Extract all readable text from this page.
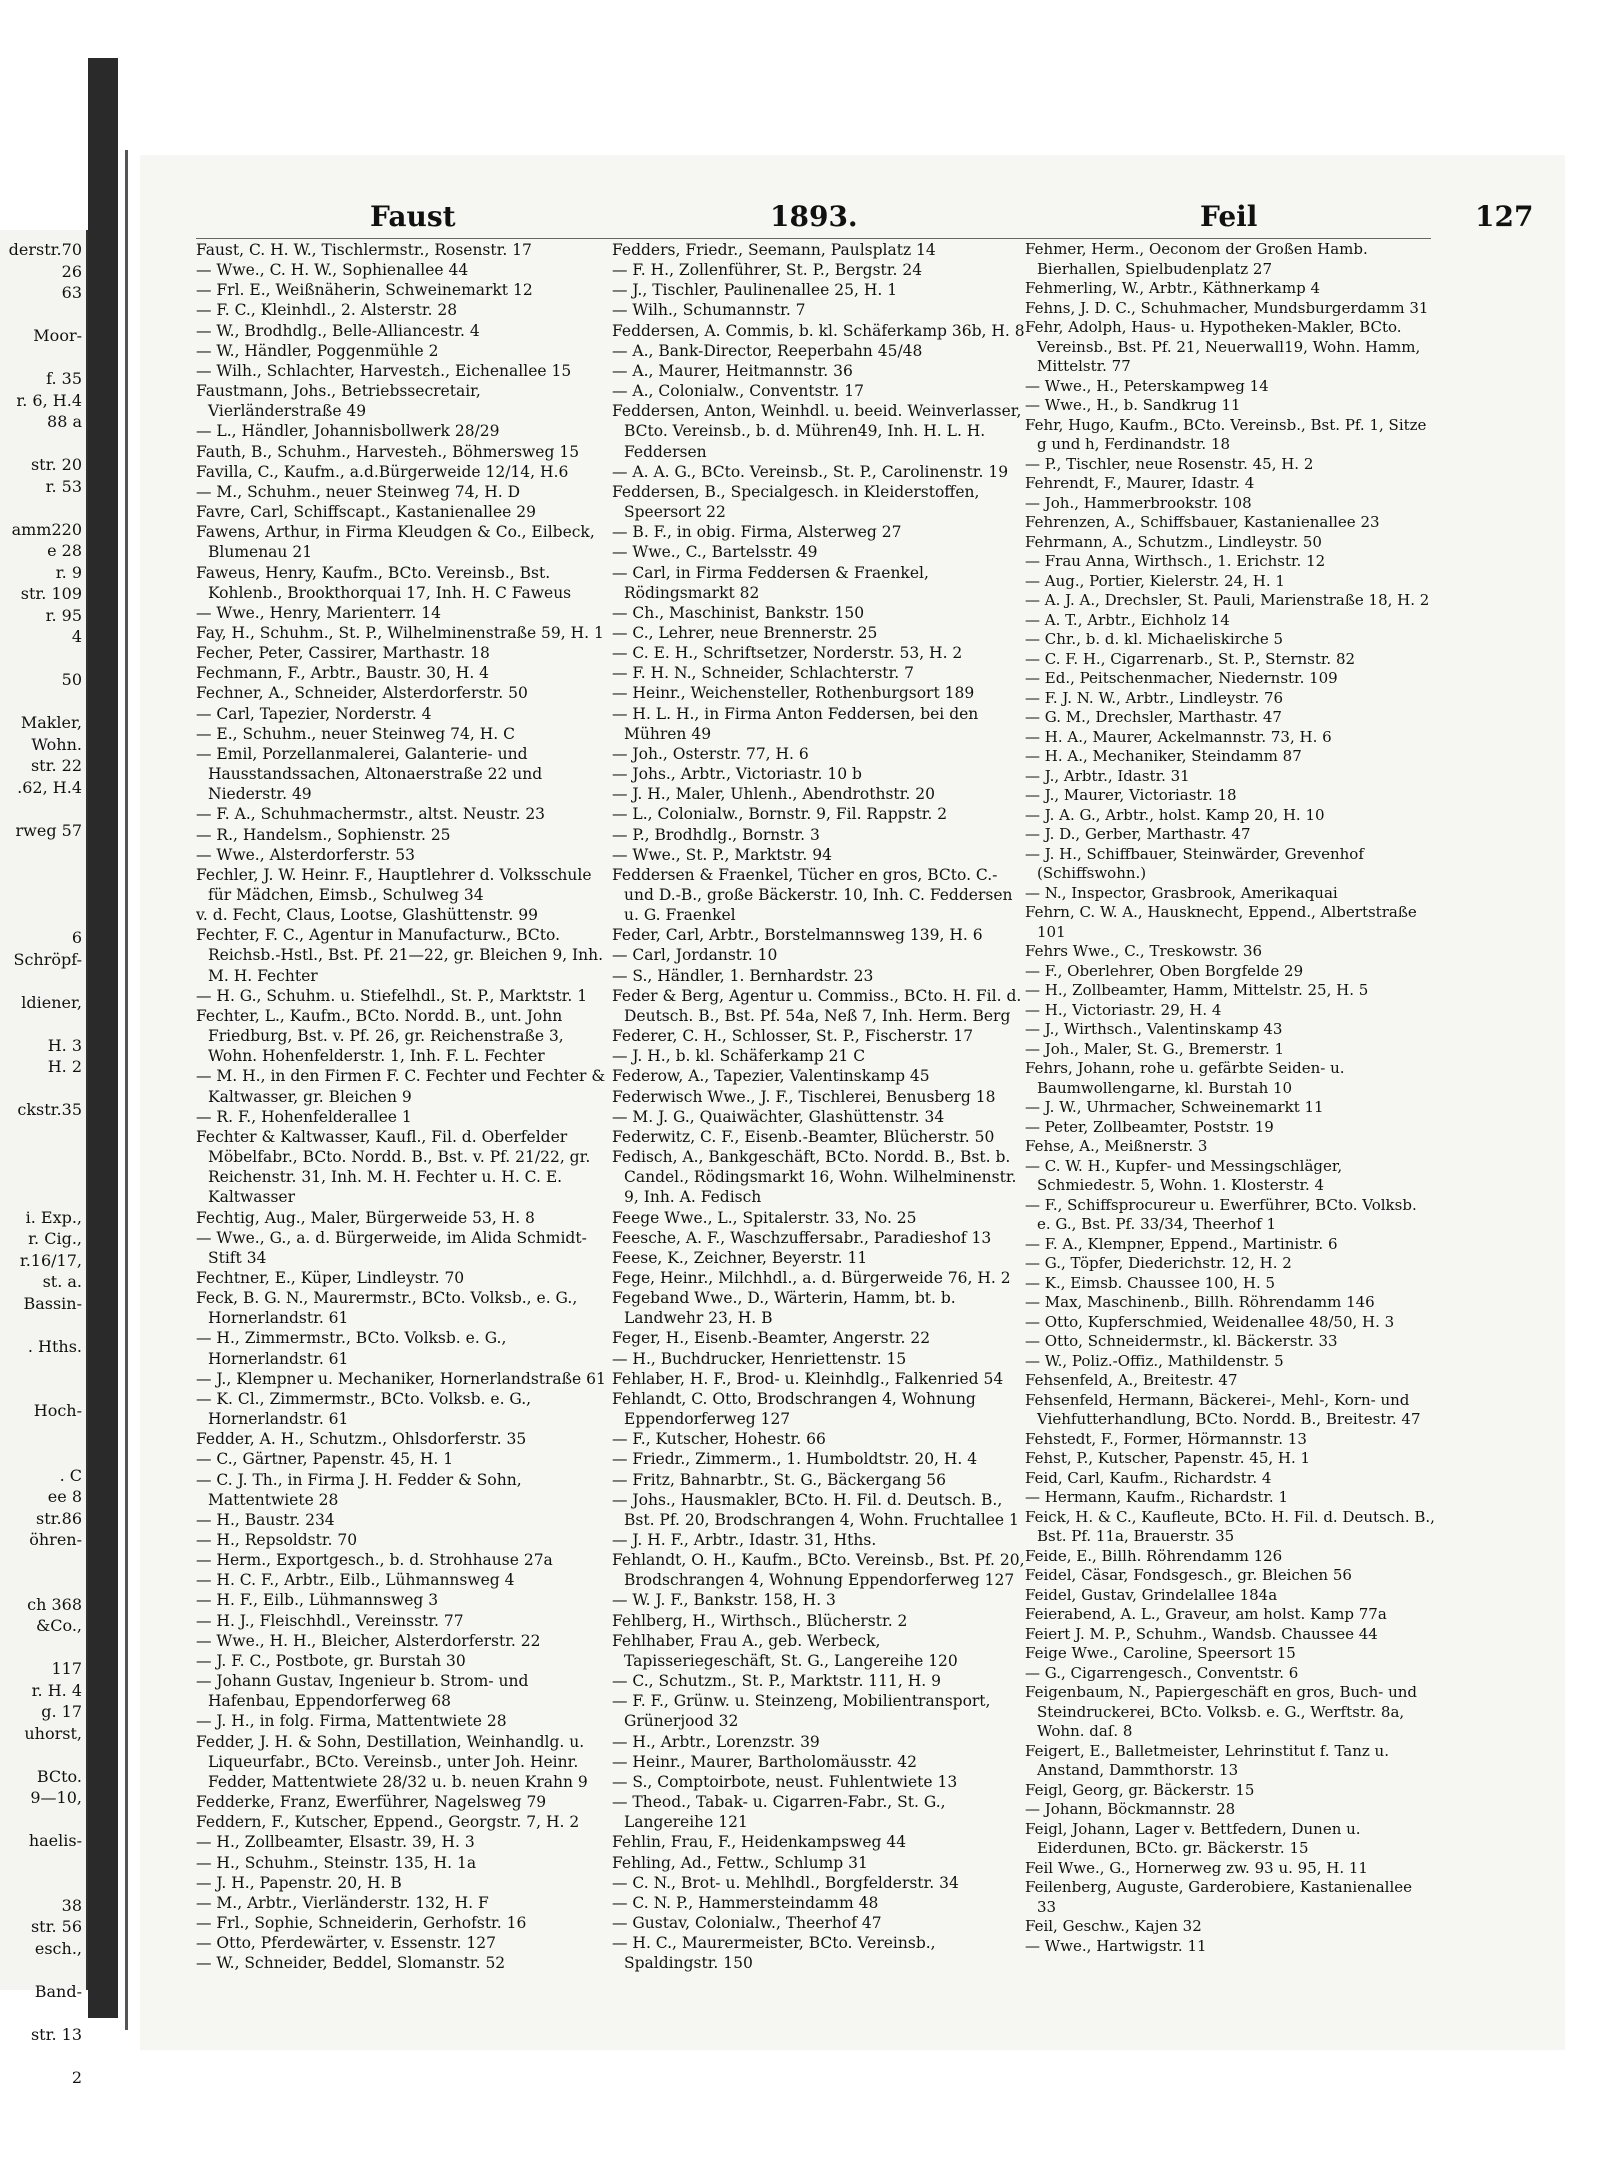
derstr.70
26
63
Moor-
f. 35
r. 6, H.4
88 a
str. 20
r. 53
amm220
e 28
r. 9
str. 109
r. 95
4
50
Makler,
Wohn.
str. 22
.62, H.4
rweg 57
6
Schröpf-
ldiener,
H. 3
H. 2
ckstr.35
i. Exp.,
r. Cig.,
r.16/17,
st. a.
Bassin-
. Hths.
Hoch-
. C
ee 8
str.86
öhren-
ch 368
&Co.,
117
r. H. 4
g. 17
uhorst,
BCto.
9—10,
haelis-
38
str. 56
esch.,
Band-
str. 13
2
Faust	1893.	Feil	127

Faust, C. H. W., Tischlermstr., Rosenstr. 17

— Wwe., C. H. W., Sophienallee 44

— Frl. E., Weißnäherin, Schweinemarkt 12

— F. C., Kleinhdl., 2. Alsterstr. 28

— W., Brodhdlg., Belle-Alliancestr. 4

— W., Händler, Poggenmühle 2

— Wilh., Schlachter, Harvestεh., Eichenallee 15

Faustmann, Johs., Betriebssecretair, Vierländerstraße 49

— L., Händler, Johannisbollwerk 28/29

Fauth, B., Schuhm., Harvesteh., Böhmersweg 15

Favilla, C., Kaufm., a.d.Bürgerweide 12/14, H.6

— M., Schuhm., neuer Steinweg 74, H. D

Favre, Carl, Schiffscapt., Kastanienallee 29

Fawens, Arthur, in Firma Kleudgen & Co., Eilbeck, Blumenau 21

Faweus, Henry, Kaufm., BCto. Vereinsb., Bst. Kohlenb., Brookthorquai 17, Inh. H. C Faweus

— Wwe., Henry, Marienterr. 14

Fay, H., Schuhm., St. P., Wilhelminenstraße 59, H. 1

Fecher, Peter, Cassirer, Marthastr. 18

Fechmann, F., Arbtr., Baustr. 30, H. 4

Fechner, A., Schneider, Alsterdorferstr. 50

— Carl, Tapezier, Norderstr. 4

— E., Schuhm., neuer Steinweg 74, H. C

— Emil, Porzellanmalerei, Galanterie- und Hausstandssachen, Altonaerstraße 22 und Niederstr. 49

— F. A., Schuhmachermstr., altst. Neustr. 23

— R., Handelsm., Sophienstr. 25

— Wwe., Alsterdorferstr. 53

Fechler, J. W. Heinr. F., Hauptlehrer d. Volksschule für Mädchen, Eimsb., Schulweg 34

v. d. Fecht, Claus, Lootse, Glashüttenstr. 99

Fechter, F. C., Agentur in Manufacturw., BCto. Reichsb.-Hstl., Bst. Pf. 21—22, gr. Bleichen 9, Inh. M. H. Fechter

— H. G., Schuhm. u. Stiefelhdl., St. P., Marktstr. 1

Fechter, L., Kaufm., BCto. Nordd. B., unt. John Friedburg, Bst. v. Pf. 26, gr. Reichenstraße 3, Wohn. Hohenfelderstr. 1, Inh. F. L. Fechter

— M. H., in den Firmen F. C. Fechter und Fechter & Kaltwasser, gr. Bleichen 9

— R. F., Hohenfelderallee 1

Fechter & Kaltwasser, Kaufl., Fil. d. Oberfelder Möbelfabr., BCto. Nordd. B., Bst. v. Pf. 21/22, gr. Reichenstr. 31, Inh. M. H. Fechter u. H. C. E. Kaltwasser

Fechtig, Aug., Maler, Bürgerweide 53, H. 8

— Wwe., G., a. d. Bürgerweide, im Alida Schmidt-Stift 34

Fechtner, E., Küper, Lindleystr. 70

Feck, B. G. N., Maurermstr., BCto. Volksb., e. G., Hornerlandstr. 61

— H., Zimmermstr., BCto. Volksb. e. G., Hornerlandstr. 61

— J., Klempner u. Mechaniker, Hornerlandstraße 61

— K. Cl., Zimmermstr., BCto. Volksb. e. G., Hornerlandstr. 61

Fedder, A. H., Schutzm., Ohlsdorferstr. 35

— C., Gärtner, Papenstr. 45, H. 1

— C. J. Th., in Firma J. H. Fedder & Sohn, Mattentwiete 28

— H., Baustr. 234

— H., Repsoldstr. 70

— Herm., Exportgesch., b. d. Strohhause 27a

— H. C. F., Arbtr., Eilb., Lühmannsweg 4

— H. F., Eilb., Lühmannsweg 3

— H. J., Fleischhdl., Vereinsstr. 77

— Wwe., H. H., Bleicher, Alsterdorferstr. 22

— J. F. C., Postbote, gr. Burstah 30

— Johann Gustav, Ingenieur b. Strom- und Hafenbau, Eppendorferweg 68

— J. H., in folg. Firma, Mattentwiete 28

Fedder, J. H. & Sohn, Destillation, Weinhandlg. u. Liqueurfabr., BCto. Vereinsb., unter Joh. Heinr. Fedder, Mattentwiete 28/32 u. b. neuen Krahn 9

Fedderke, Franz, Ewerführer, Nagelsweg 79

Feddern, F., Kutscher, Eppend., Georgstr. 7, H. 2

— H., Zollbeamter, Elsastr. 39, H. 3

— H., Schuhm., Steinstr. 135, H. 1a

— J. H., Papenstr. 20, H. B

— M., Arbtr., Vierländerstr. 132, H. F

— Frl., Sophie, Schneiderin, Gerhofstr. 16

— Otto, Pferdewärter, v. Essenstr. 127

— W., Schneider, Beddel, Slomanstr. 52

Fedders, Friedr., Seemann, Paulsplatz 14

— F. H., Zollenführer, St. P., Bergstr. 24

— J., Tischler, Paulinenallee 25, H. 1

— Wilh., Schumannstr. 7

Feddersen, A. Commis, b. kl. Schäferkamp 36b, H. 8

— A., Bank-Director, Reeperbahn 45/48

— A., Maurer, Heitmannstr. 36

— A., Colonialw., Conventstr. 17

Feddersen, Anton, Weinhdl. u. beeid. Weinverlasser, BCto. Vereinsb., b. d. Mühren49, Inh. H. L. H. Feddersen

— A. A. G., BCto. Vereinsb., St. P., Carolinenstr. 19

Feddersen, B., Specialgesch. in Kleiderstoffen, Speersort 22

— B. F., in obig. Firma, Alsterweg 27

— Wwe., C., Bartelsstr. 49

— Carl, in Firma Feddersen & Fraenkel, Rödingsmarkt 82

— Ch., Maschinist, Bankstr. 150

— C., Lehrer, neue Brennerstr. 25

— C. E. H., Schriftsetzer, Norderstr. 53, H. 2

— F. H. N., Schneider, Schlachterstr. 7

— Heinr., Weichensteller, Rothenburgsort 189

— H. L. H., in Firma Anton Feddersen, bei den Mühren 49

— Joh., Osterstr. 77, H. 6

— Johs., Arbtr., Victoriastr. 10 b

— J. H., Maler, Uhlenh., Abendrothstr. 20

— L., Colonialw., Bornstr. 9, Fil. Rappstr. 2

— P., Brodhdlg., Bornstr. 3

— Wwe., St. P., Marktstr. 94

Feddersen & Fraenkel, Tücher en gros, BCto. C.- und D.-B., große Bäckerstr. 10, Inh. C. Feddersen u. G. Fraenkel

Feder, Carl, Arbtr., Borstelmannsweg 139, H. 6

— Carl, Jordanstr. 10

— S., Händler, 1. Bernhardstr. 23

Feder & Berg, Agentur u. Commiss., BCto. H. Fil. d. Deutsch. B., Bst. Pf. 54a, Neß 7, Inh. Herm. Berg

Federer, C. H., Schlosser, St. P., Fischerstr. 17

— J. H., b. kl. Schäferkamp 21 C

Federow, A., Tapezier, Valentinskamp 45

Federwisch Wwe., J. F., Tischlerei, Benusberg 18

— M. J. G., Quaiwächter, Glashüttenstr. 34

Federwitz, C. F., Eisenb.-Beamter, Blücherstr. 50

Fedisch, A., Bankgeschäft, BCto. Nordd. B., Bst. b. Candel., Rödingsmarkt 16, Wohn. Wilhelminenstr. 9, Inh. A. Fedisch

Feege Wwe., L., Spitalerstr. 33, No. 25

Feesche, A. F., Waschzuffersabr., Paradieshof 13

Feese, K., Zeichner, Beyerstr. 11

Fege, Heinr., Milchhdl., a. d. Bürgerweide 76, H. 2

Fegeband Wwe., D., Wärterin, Hamm, bt. b. Landwehr 23, H. B

Feger, H., Eisenb.-Beamter, Angerstr. 22

— H., Buchdrucker, Henriettenstr. 15

Fehlaber, H. F., Brod- u. Kleinhdlg., Falkenried 54

Fehlandt, C. Otto, Brodschrangen 4, Wohnung Eppendorferweg 127

— F., Kutscher, Hohestr. 66

— Friedr., Zimmerm., 1. Humboldtstr. 20, H. 4

— Fritz, Bahnarbtr., St. G., Bäckergang 56

— Johs., Hausmakler, BCto. H. Fil. d. Deutsch. B., Bst. Pf. 20, Brodschrangen 4, Wohn. Fruchtallee 1

— J. H. F., Arbtr., Idastr. 31, Hths.

Fehlandt, O. H., Kaufm., BCto. Vereinsb., Bst. Pf. 20, Brodschrangen 4, Wohnung Eppendorferweg 127

— W. J. F., Bankstr. 158, H. 3

Fehlberg, H., Wirthsch., Blücherstr. 2

Fehlhaber, Frau A., geb. Werbeck, Tapisseriegeschäft, St. G., Langereihe 120

— C., Schutzm., St. P., Marktstr. 111, H. 9

— F. F., Grünw. u. Steinzeng, Mobilientransport, Grünerjood 32

— H., Arbtr., Lorenzstr. 39

— Heinr., Maurer, Bartholomäusstr. 42

— S., Comptoirbote, neust. Fuhlentwiete 13

— Theod., Tabak- u. Cigarren-Fabr., St. G., Langereihe 121

Fehlin, Frau, F., Heidenkampsweg 44

Fehling, Ad., Fettw., Schlump 31

— C. N., Brot- u. Mehlhdl., Borgfelderstr. 34

— C. N. P., Hammersteindamm 48

— Gustav, Colonialw., Theerhof 47

— H. C., Maurermeister, BCto. Vereinsb., Spaldingstr. 150

Fehmer, Herm., Oeconom der Großen Hamb. Bierhallen, Spielbudenplatz 27

Fehmerling, W., Arbtr., Käthnerkamp 4

Fehns, J. D. C., Schuhmacher, Mundsburgerdamm 31

Fehr, Adolph, Haus- u. Hypotheken-Makler, BCto. Vereinsb., Bst. Pf. 21, Neuerwall19, Wohn. Hamm, Mittelstr. 77

— Wwe., H., Peterskampweg 14

— Wwe., H., b. Sandkrug 11

Fehr, Hugo, Kaufm., BCto. Vereinsb., Bst. Pf. 1, Sitze g und h, Ferdinandstr. 18

— P., Tischler, neue Rosenstr. 45, H. 2

Fehrendt, F., Maurer, Idastr. 4

— Joh., Hammerbrookstr. 108

Fehrenzen, A., Schiffsbauer, Kastanienallee 23

Fehrmann, A., Schutzm., Lindleystr. 50

— Frau Anna, Wirthsch., 1. Erichstr. 12

— Aug., Portier, Kielerstr. 24, H. 1

— A. J. A., Drechsler, St. Pauli, Marienstraße 18, H. 2

— A. T., Arbtr., Eichholz 14

— Chr., b. d. kl. Michaeliskirche 5

— C. F. H., Cigarrenarb., St. P., Sternstr. 82

— Ed., Peitschenmacher, Niedernstr. 109

— F. J. N. W., Arbtr., Lindleystr. 76

— G. M., Drechsler, Marthastr. 47

— H. A., Maurer, Ackelmannstr. 73, H. 6

— H. A., Mechaniker, Steindamm 87

— J., Arbtr., Idastr. 31

— J., Maurer, Victoriastr. 18

— J. A. G., Arbtr., holst. Kamp 20, H. 10

— J. D., Gerber, Marthastr. 47

— J. H., Schiffbauer, Steinwärder, Grevenhof (Schiffswohn.)

— N., Inspector, Grasbrook, Amerikaquai

Fehrn, C. W. A., Hausknecht, Eppend., Albertstraße 101

Fehrs Wwe., C., Treskowstr. 36

— F., Oberlehrer, Oben Borgfelde 29

— H., Zollbeamter, Hamm, Mittelstr. 25, H. 5

— H., Victoriastr. 29, H. 4

— J., Wirthsch., Valentinskamp 43

— Joh., Maler, St. G., Bremerstr. 1

Fehrs, Johann, rohe u. gefärbte Seiden- u. Baumwollengarne, kl. Burstah 10

— J. W., Uhrmacher, Schweinemarkt 11

— Peter, Zollbeamter, Poststr. 19

Fehse, A., Meißnerstr. 3

— C. W. H., Kupfer- und Messingschläger, Schmiedestr. 5, Wohn. 1. Klosterstr. 4

— F., Schiffsprocureur u. Ewerführer, BCto. Volksb. e. G., Bst. Pf. 33/34, Theerhof 1

— F. A., Klempner, Eppend., Martinistr. 6

— G., Töpfer, Diederichstr. 12, H. 2

— K., Eimsb. Chaussee 100, H. 5

— Max, Maschinenb., Billh. Röhrendamm 146

— Otto, Kupferschmied, Weidenallee 48/50, H. 3

— Otto, Schneidermstr., kl. Bäckerstr. 33

— W., Poliz.-Offiz., Mathildenstr. 5

Fehsenfeld, A., Breitestr. 47

Fehsenfeld, Hermann, Bäckerei-, Mehl-, Korn- und Viehfutterhandlung, BCto. Nordd. B., Breitestr. 47

Fehstedt, F., Former, Hörmannstr. 13

Fehst, P., Kutscher, Papenstr. 45, H. 1

Feid, Carl, Kaufm., Richardstr. 4

— Hermann, Kaufm., Richardstr. 1

Feick, H. & C., Kaufleute, BCto. H. Fil. d. Deutsch. B., Bst. Pf. 11a, Brauerstr. 35

Feide, E., Billh. Röhrendamm 126

Feidel, Cäsar, Fondsgesch., gr. Bleichen 56

Feidel, Gustav, Grindelallee 184a

Feierabend, A. L., Graveur, am holst. Kamp 77a

Feiert J. M. P., Schuhm., Wandsb. Chaussee 44

Feige Wwe., Caroline, Speersort 15

— G., Cigarrengesch., Conventstr. 6

Feigenbaum, N., Papiergeschäft en gros, Buch- und Steindruckerei, BCto. Volksb. e. G., Werftstr. 8a, Wohn. daſ. 8

Feigert, E., Balletmeister, Lehrinstitut f. Tanz u. Anstand, Dammthorstr. 13

Feigl, Georg, gr. Bäckerstr. 15

— Johann, Böckmannstr. 28

Feigl, Johann, Lager v. Bettfedern, Dunen u. Eiderdunen, BCto. gr. Bäckerstr. 15

Feil Wwe., G., Hornerweg zw. 93 u. 95, H. 11

Feilenberg, Auguste, Garderobiere, Kastanienallee 33

Feil, Geschw., Kajen 32

— Wwe., Hartwigstr. 11
